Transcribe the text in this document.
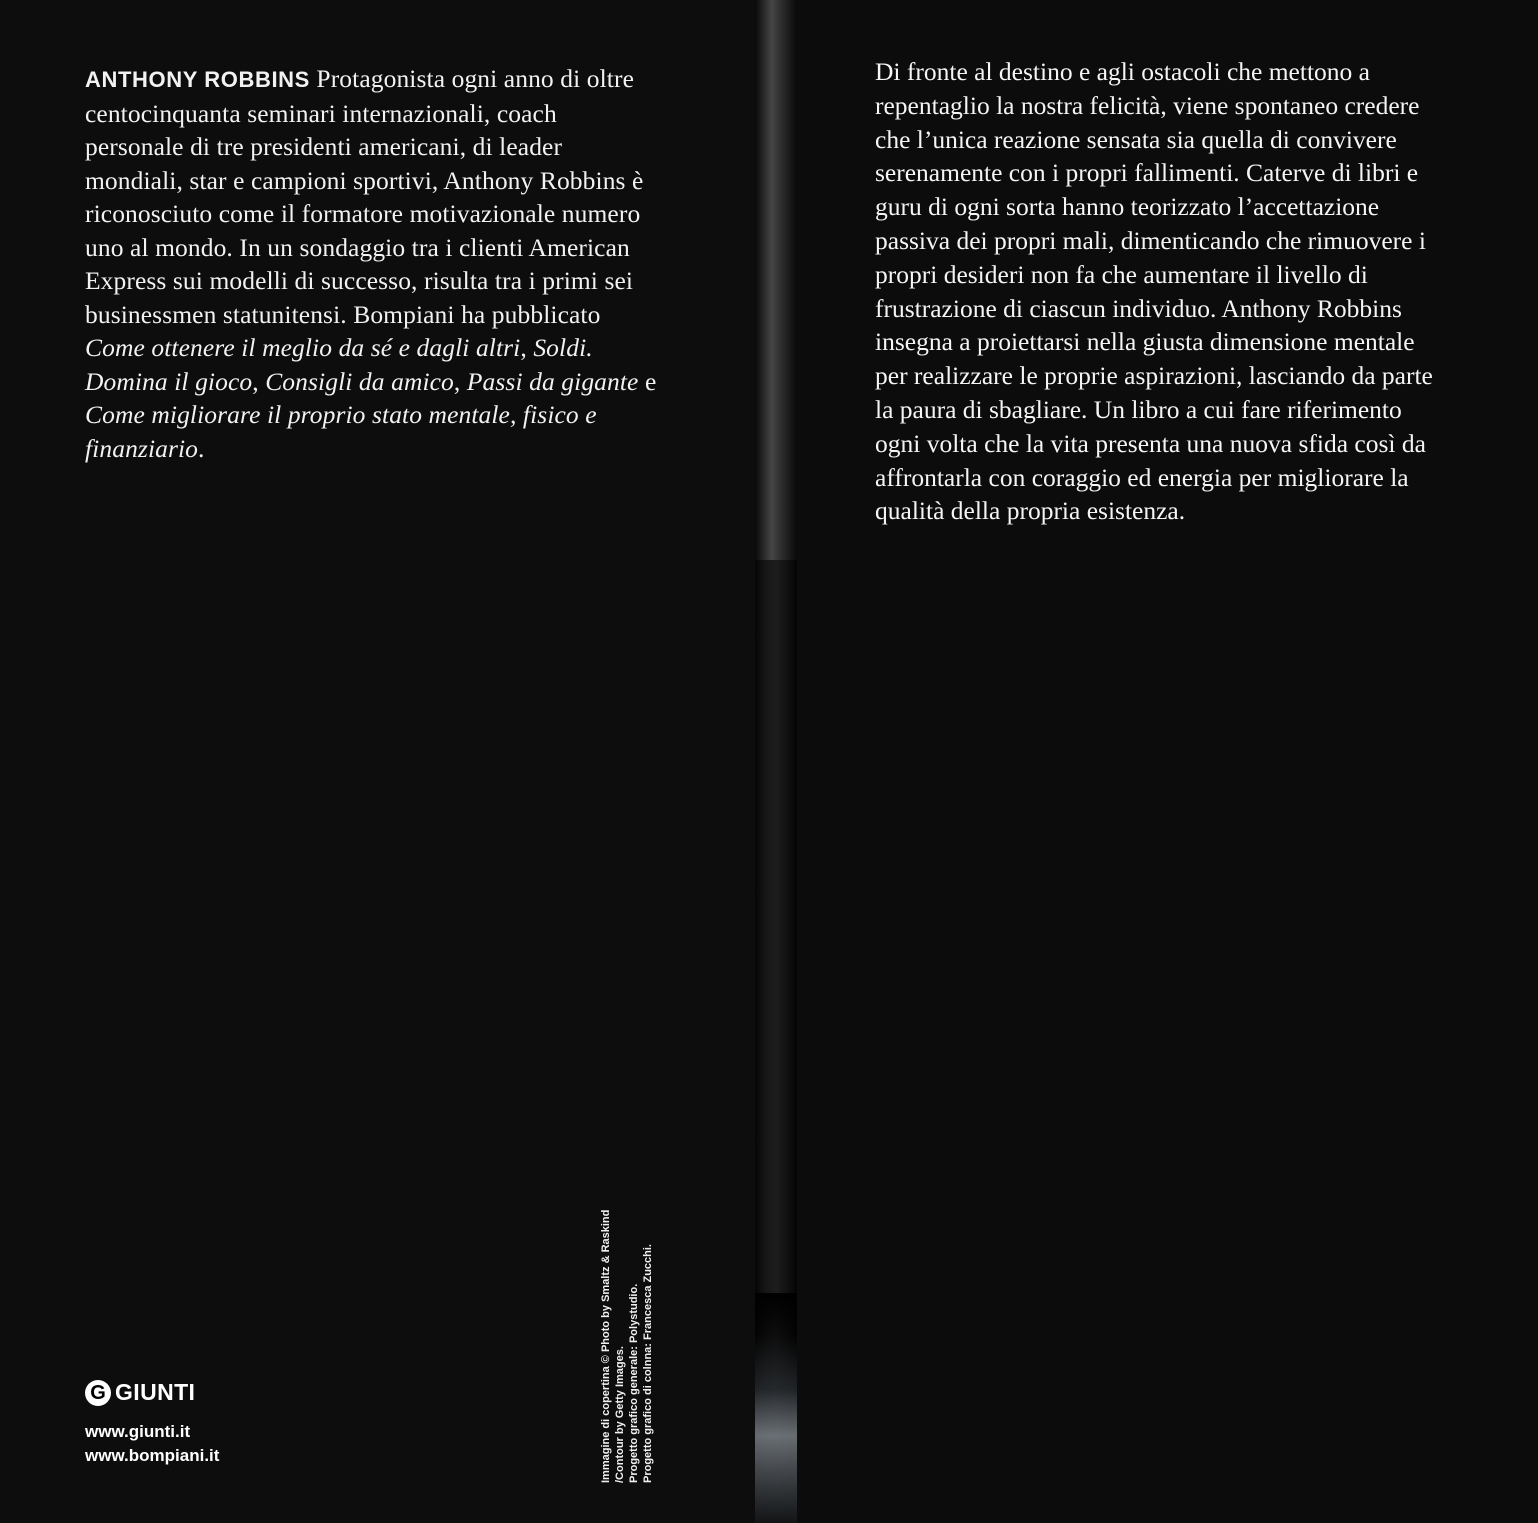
ANTHONY ROBBINS Protagonista ogni anno di oltre centocinquanta seminari internazionali, coach personale di tre presidenti americani, di leader mondiali, star e campioni sportivi, Anthony Robbins è riconosciuto come il formatore motivazionale numero uno al mondo. In un sondaggio tra i clienti American Express sui modelli di successo, risulta tra i primi sei businessmen statunitensi. Bompiani ha pubblicato Come ottenere il meglio da sé e dagli altri, Soldi. Domina il gioco, Consigli da amico, Passi da gigante e Come migliorare il proprio stato mentale, fisico e finanziario.
G GIUNTI
www.giunti.it
www.bompiani.it	Immagine di copertina © Photo by Smaltz & Raskind /Contour by Getty Images. Progetto grafico generale: Polystudio. Progetto grafico di colnna: Francesca Zucchi.
Di fronte al destino e agli ostacoli che mettono a repentaglio la nostra felicità, viene spontaneo credere che l’unica reazione sensata sia quella di convivere serenamente con i propri fallimenti. Caterve di libri e guru di ogni sorta hanno teorizzato l’accettazione passiva dei propri mali, dimenticando che rimuovere i propri desideri non fa che aumentare il livello di frustrazione di ciascun individuo. Anthony Robbins insegna a proiettarsi nella giusta dimensione mentale per realizzare le proprie aspirazioni, lasciando da parte la paura di sbagliare. Un libro a cui fare riferimento ogni volta che la vita presenta una nuova sfida così da affrontarla con coraggio ed energia per migliorare la qualità della propria esistenza.
